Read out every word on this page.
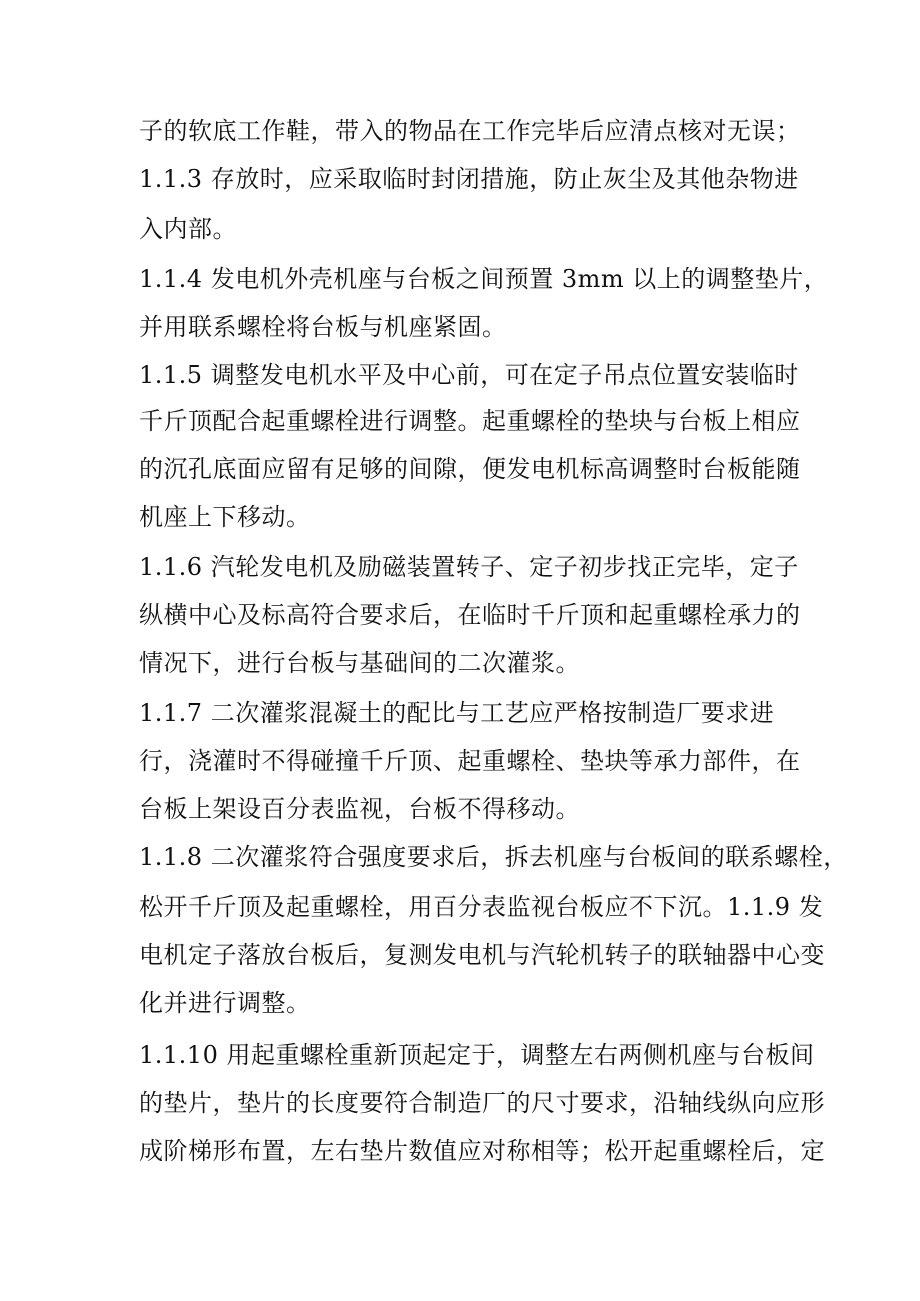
子的软底工作鞋，带入的物品在工作完毕后应清点核对无误；
1.1.3 存放时，应采取临时封闭措施，防止灰尘及其他杂物进
入内部。
1.1.4 发电机外壳机座与台板之间预置 3mm 以上的调整垫片，
并用联系螺栓将台板与机座紧固。
1.1.5 调整发电机水平及中心前，可在定子吊点位置安装临时
千斤顶配合起重螺栓进行调整。起重螺栓的垫块与台板上相应
的沉孔底面应留有足够的间隙，便发电机标高调整时台板能随
机座上下移动。
1.1.6 汽轮发电机及励磁装置转子、定子初步找正完毕，定子
纵横中心及标高符合要求后，在临时千斤顶和起重螺栓承力的
情况下，进行台板与基础间的二次灌浆。
1.1.7 二次灌浆混凝土的配比与工艺应严格按制造厂要求进
行，浇灌时不得碰撞千斤顶、起重螺栓、垫块等承力部件，在
台板上架设百分表监视，台板不得移动。
1.1.8 二次灌浆符合强度要求后，拆去机座与台板间的联系螺栓，
松开千斤顶及起重螺栓，用百分表监视台板应不下沉。1.1.9 发
电机定子落放台板后，复测发电机与汽轮机转子的联轴器中心变
化并进行调整。
1.1.10 用起重螺栓重新顶起定于，调整左右两侧机座与台板间
的垫片，垫片的长度要符合制造厂的尺寸要求，沿轴线纵向应形
成阶梯形布置，左右垫片数值应对称相等；松开起重螺栓后，定
